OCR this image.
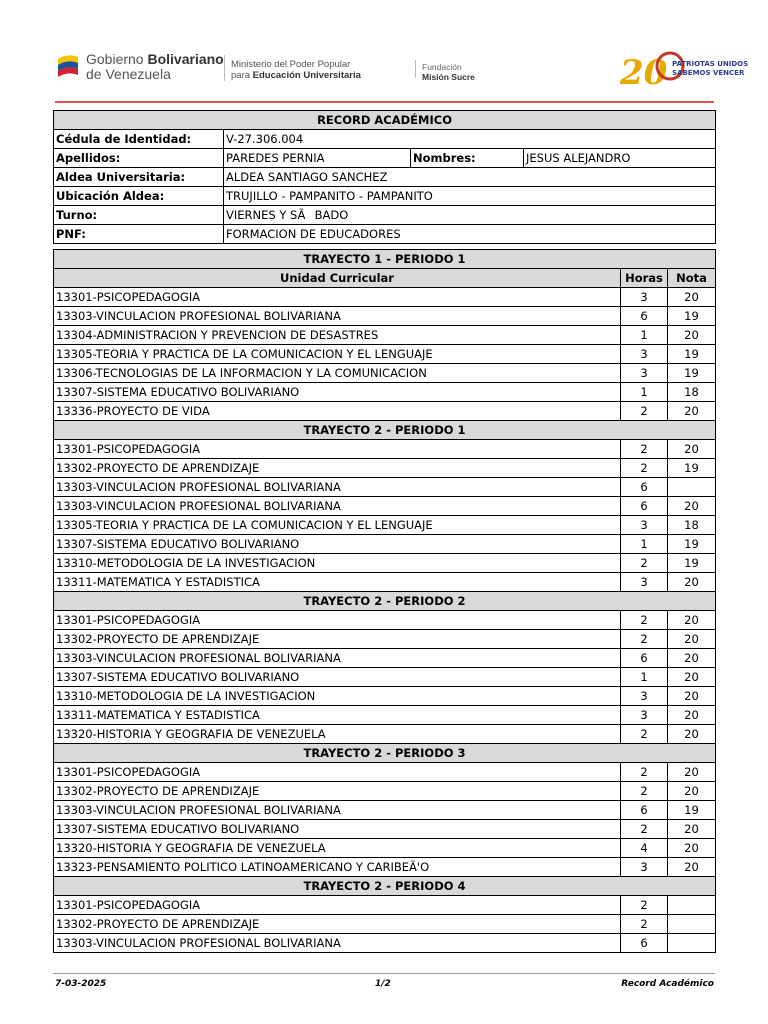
Gobierno Bolivariano
de Venezuela
Ministerio del Poder Popular
para Educación Universitaria
Fundación
Misión Sucre	20 PATRIOTAS UNIDOS
SABEMOS VENCER
RECORD ACADÉMICO			
Cédula de Identidad:	V-27.306.004		
Apellidos:	PAREDES PERNIA	Nombres:	JESUS ALEJANDRO
Aldea Universitaria:	ALDEA SANTIAGO SANCHEZ		
Ubicación Aldea:	TRUJILLO - PAMPANITO - PAMPANITO		
Turno:	VIERNES Y SÃBADO		
PNF:	FORMACION DE EDUCADORES		
TRAYECTO 1 - PERIODO 1		
Unidad Curricular	Horas	Nota
13301-PSICOPEDAGOGIA	3	20
13303-VINCULACION PROFESIONAL BOLIVARIANA	6	19
13304-ADMINISTRACION Y PREVENCION DE DESASTRES	1	20
13305-TEORIA Y PRACTICA DE LA COMUNICACION Y EL LENGUAJE	3	19
13306-TECNOLOGIAS DE LA INFORMACION Y LA COMUNICACION	3	19
13307-SISTEMA EDUCATIVO BOLIVARIANO	1	18
13336-PROYECTO DE VIDA	2	20
TRAYECTO 2 - PERIODO 1		
13301-PSICOPEDAGOGIA	2	20
13302-PROYECTO DE APRENDIZAJE	2	19
13303-VINCULACION PROFESIONAL BOLIVARIANA	6	
13303-VINCULACION PROFESIONAL BOLIVARIANA	6	20
13305-TEORIA Y PRACTICA DE LA COMUNICACION Y EL LENGUAJE	3	18
13307-SISTEMA EDUCATIVO BOLIVARIANO	1	19
13310-METODOLOGIA DE LA INVESTIGACION	2	19
13311-MATEMATICA Y ESTADISTICA	3	20
TRAYECTO 2 - PERIODO 2		
13301-PSICOPEDAGOGIA	2	20
13302-PROYECTO DE APRENDIZAJE	2	20
13303-VINCULACION PROFESIONAL BOLIVARIANA	6	20
13307-SISTEMA EDUCATIVO BOLIVARIANO	1	20
13310-METODOLOGIA DE LA INVESTIGACION	3	20
13311-MATEMATICA Y ESTADISTICA	3	20
13320-HISTORIA Y GEOGRAFIA DE VENEZUELA	2	20
TRAYECTO 2 - PERIODO 3		
13301-PSICOPEDAGOGIA	2	20
13302-PROYECTO DE APRENDIZAJE	2	20
13303-VINCULACION PROFESIONAL BOLIVARIANA	6	19
13307-SISTEMA EDUCATIVO BOLIVARIANO	2	20
13320-HISTORIA Y GEOGRAFIA DE VENEZUELA	4	20
13323-PENSAMIENTO POLITICO LATINOAMERICANO Y CARIBEÃ'O	3	20
TRAYECTO 2 - PERIODO 4		
13301-PSICOPEDAGOGIA	2	
13302-PROYECTO DE APRENDIZAJE	2	
13303-VINCULACION PROFESIONAL BOLIVARIANA	6	
7-03-2025	1/2	Record Académico
